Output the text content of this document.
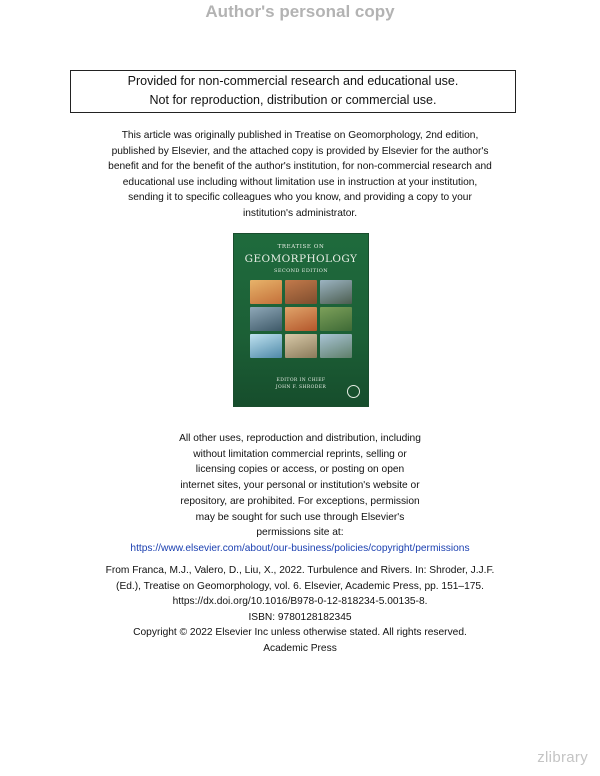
Author's personal copy
Provided for non-commercial research and educational use.
Not for reproduction, distribution or commercial use.
This article was originally published in Treatise on Geomorphology, 2nd edition,
published by Elsevier, and the attached copy is provided by Elsevier for the author's
benefit and for the benefit of the author's institution, for non-commercial research and
educational use including without limitation use in instruction at your institution,
sending it to specific colleagues who you know, and providing a copy to your
institution's administrator.
TREATISE ON
GEOMORPHOLOGY
SECOND EDITION
EDITOR IN CHIEF
JOHN F. SHRODER
All other uses, reproduction and distribution, including
without limitation commercial reprints, selling or
licensing copies or access, or posting on open
internet sites, your personal or institution's website or
repository, are prohibited. For exceptions, permission
may be sought for such use through Elsevier's
permissions site at:
https://www.elsevier.com/about/our-business/policies/copyright/permissions
From Franca, M.J., Valero, D., Liu, X., 2022. Turbulence and Rivers. In: Shroder, J.J.F.
(Ed.), Treatise on Geomorphology, vol. 6. Elsevier, Academic Press, pp. 151–175.
https://dx.doi.org/10.1016/B978-0-12-818234-5.00135-8.
ISBN: 9780128182345
Copyright © 2022 Elsevier Inc unless otherwise stated. All rights reserved.
Academic Press
zlibrary
